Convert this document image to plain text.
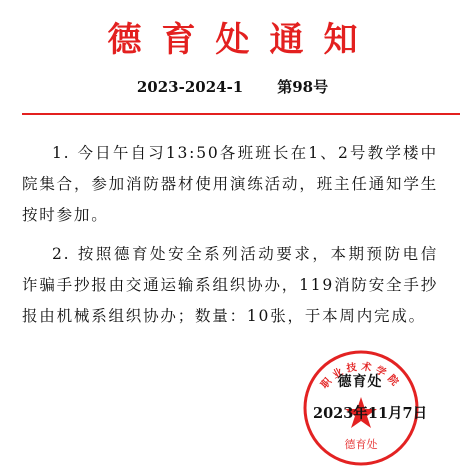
德育处通知
2023-2024-1 第98号

1. 今日午自习13:50各班班长在1、2号教学楼中院集合，参加消防器材使用演练活动，班主任通知学生按时参加。

2. 按照德育处安全系列活动要求，本期预防电信诈骗手抄报由交通运输系组织协办，119消防安全手抄报由机械系组织协办；数量：10张，于本周内完成。

职业技术学院
德育处
德育处
2023年11月7日
